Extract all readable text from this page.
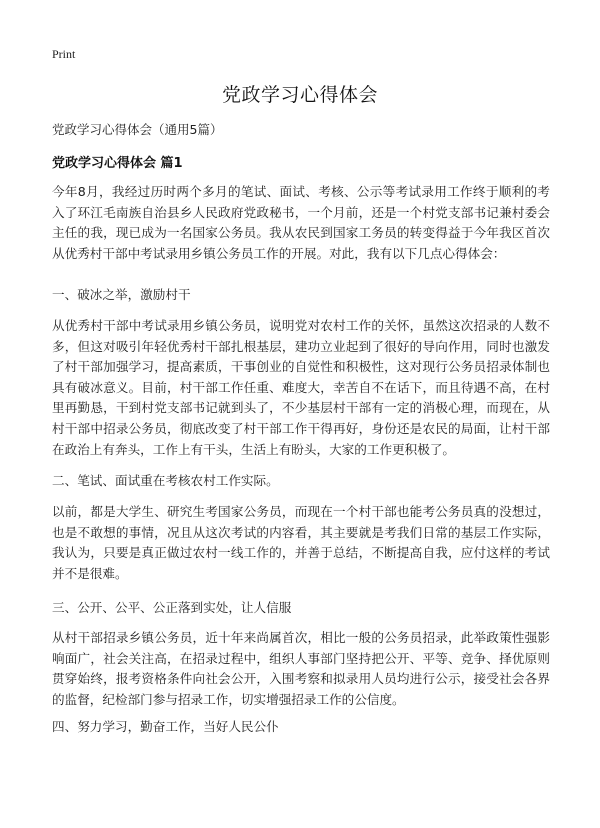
Print
党政学习心得体会
党政学习心得体会（通用5篇）
党政学习心得体会 篇1

今年8月，我经过历时两个多月的笔试、面试、考核、公示等考试录用工作终于顺利的考入了环江毛南族自治县乡人民政府党政秘书，一个月前，还是一个村党支部书记兼村委会主任的我，现已成为一名国家公务员。我从农民到国家工务员的转变得益于今年我区首次从优秀村干部中考试录用乡镇公务员工作的开展。对此，我有以下几点心得体会：

一、破冰之举，激励村干

从优秀村干部中考试录用乡镇公务员，说明党对农村工作的关怀，虽然这次招录的人数不多，但这对吸引年轻优秀村干部扎根基层，建功立业起到了很好的导向作用，同时也激发了村干部加强学习，提高素质，干事创业的自觉性和积极性，这对现行公务员招录体制也具有破冰意义。目前，村干部工作任重、难度大，幸苦自不在话下，而且待遇不高，在村里再勤恳，干到村党支部书记就到头了，不少基层村干部有一定的消极心理，而现在，从村干部中招录公务员，彻底改变了村干部工作干得再好，身份还是农民的局面，让村干部在政治上有奔头，工作上有干头，生活上有盼头，大家的工作更积极了。

二、笔试、面试重在考核农村工作实际。

以前，都是大学生、研究生考国家公务员，而现在一个村干部也能考公务员真的没想过，也是不敢想的事情，况且从这次考试的内容看，其主要就是考我们日常的基层工作实际，我认为，只要是真正做过农村一线工作的，并善于总结，不断提高自我，应付这样的考试并不是很难。

三、公开、公平、公正落到实处，让人信服

从村干部招录乡镇公务员，近十年来尚属首次，相比一般的公务员招录，此举政策性强影响面广，社会关注高，在招录过程中，组织人事部门坚持把公开、平等、竞争、择优原则贯穿始终，报考资格条件向社会公开，入围考察和拟录用人员均进行公示，接受社会各界的监督，纪检部门参与招录工作，切实增强招录工作的公信度。

四、努力学习，勤奋工作，当好人民公仆
